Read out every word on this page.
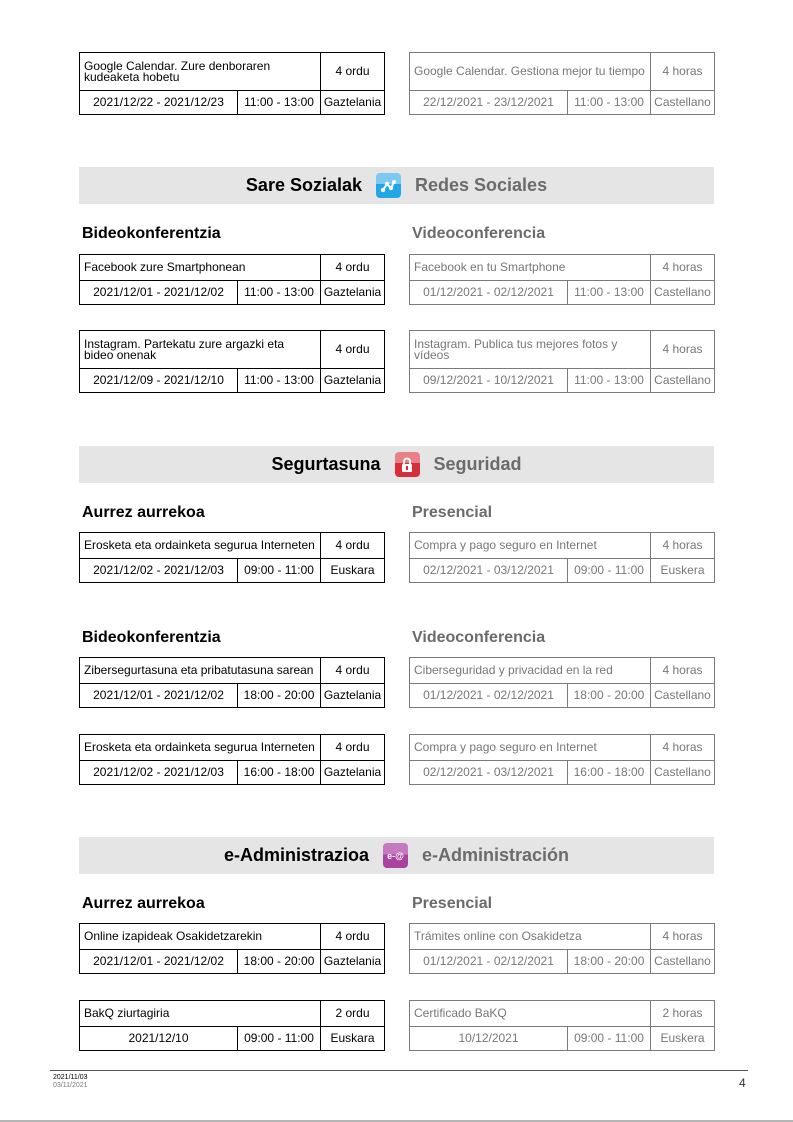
Google Calendar. Zure denboraren kudeaketa hobetu		4 ordu
2021/12/22 - 2021/12/23	11:00 - 13:00	Gaztelania
Google Calendar. Gestiona mejor tu tiempo		4 horas
22/12/2021 - 23/12/2021	11:00 - 13:00	Castellano
Sare Sozialak	Redes Sociales
Bideokonferentzia	Videoconferencia
Facebook zure Smartphonean		4 ordu
2021/12/01 - 2021/12/02	11:00 - 13:00	Gaztelania
Facebook en tu Smartphone		4 horas
01/12/2021 - 02/12/2021	11:00 - 13:00	Castellano
Instagram. Partekatu zure argazki eta bideo onenak		4 ordu
2021/12/09 - 2021/12/10	11:00 - 13:00	Gaztelania
Instagram. Publica tus mejores fotos y vídeos		4 horas
09/12/2021 - 10/12/2021	11:00 - 13:00	Castellano
Segurtasuna	Seguridad
Aurrez aurrekoa	Presencial
Erosketa eta ordainketa segurua Interneten		4 ordu
2021/12/02 - 2021/12/03	09:00 - 11:00	Euskara
Compra y pago seguro en Internet		4 horas
02/12/2021 - 03/12/2021	09:00 - 11:00	Euskera
Bideokonferentzia	Videoconferencia
Zibersegurtasuna eta pribatutasuna sarean		4 ordu
2021/12/01 - 2021/12/02	18:00 - 20:00	Gaztelania
Ciberseguridad y privacidad en la red		4 horas
01/12/2021 - 02/12/2021	18:00 - 20:00	Castellano
Erosketa eta ordainketa segurua Interneten		4 ordu
2021/12/02 - 2021/12/03	16:00 - 18:00	Gaztelania
Compra y pago seguro en Internet		4 horas
02/12/2021 - 03/12/2021	16:00 - 18:00	Castellano
e-Administrazioa e-@ e-Administración
Aurrez aurrekoa	Presencial
Online izapideak Osakidetzarekin		4 ordu
2021/12/01 - 2021/12/02	18:00 - 20:00	Gaztelania
Trámites online con Osakidetza		4 horas
01/12/2021 - 02/12/2021	18:00 - 20:00	Castellano
BakQ ziurtagiria		2 ordu
2021/12/10	09:00 - 11:00	Euskara
Certificado BaKQ		2 horas
10/12/2021	09:00 - 11:00	Euskera
2021/11/03
03/11/2021	4
